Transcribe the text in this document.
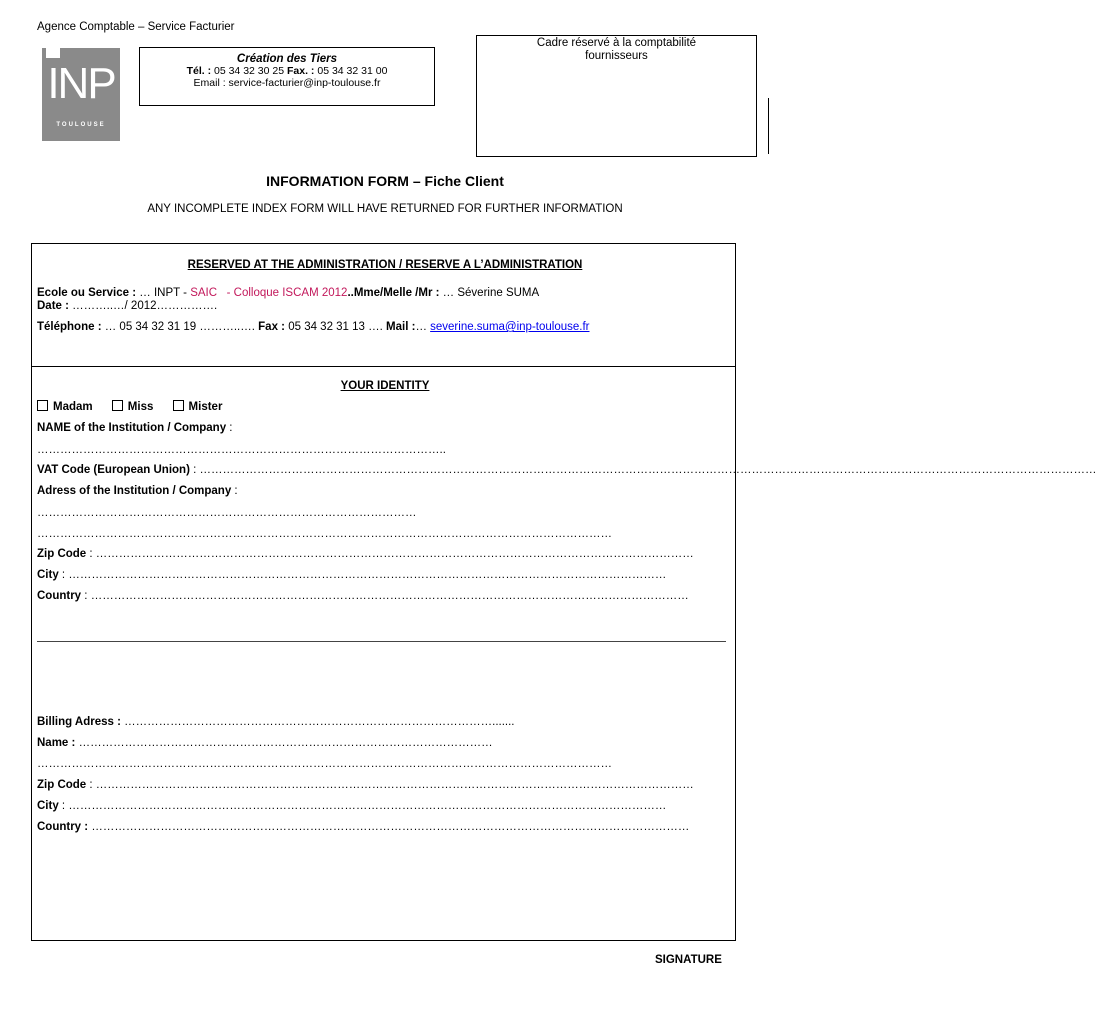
Agence Comptable – Service Facturier
INP
TOULOUSE
Création des Tiers
Tél. : 05 34 32 30 25 Fax. : 05 34 32 31 00
Email : service-facturier@inp-toulouse.fr
Cadre réservé à la comptabilité fournisseurs
INFORMATION FORM – Fiche Client
ANY INCOMPLETE INDEX FORM WILL HAVE RETURNED FOR FURTHER INFORMATION
RESERVED AT THE ADMINISTRATION / RESERVE A L’ADMINISTRATION
Ecole ou Service : … INPT - SAIC - Colloque ISCAM 2012..Mme/Melle /Mr : … Séverine SUMA
Date : ………..…/ 2012…………….
Téléphone : … 05 34 32 31 19 ………..…. Fax : 05 34 32 31 13 …. Mail :… severine.suma@inp-toulouse.fr
YOUR IDENTITY
Madam	Miss	Mister
NAME of the Institution / Company :
……………………………………………………………………………………………..
VAT Code (European Union) : ………………………………………………………………………………………………………………………………………………………………………………………………………………
Adress of the Institution / Company :
………………………………………………………………………………………
……………………………………………………………………………………………………………………………………
Zip Code : …………………………………………………………………………………………………………………………………………
City : …………………………………………………………………………………………………………………………………………
Country : …………………………………………………………………………………………………………………………………………
Billing Adress : …………………………………………………………………………………….......
Name : ………………………………………………………………………………………………
……………………………………………………………………………………………………………………………………
Zip Code : …………………………………………………………………………………………………………………………………………
City : …………………………………………………………………………………………………………………………………………
Country : …………………………………………………………………………………………………………………………………………
SIGNATURE
